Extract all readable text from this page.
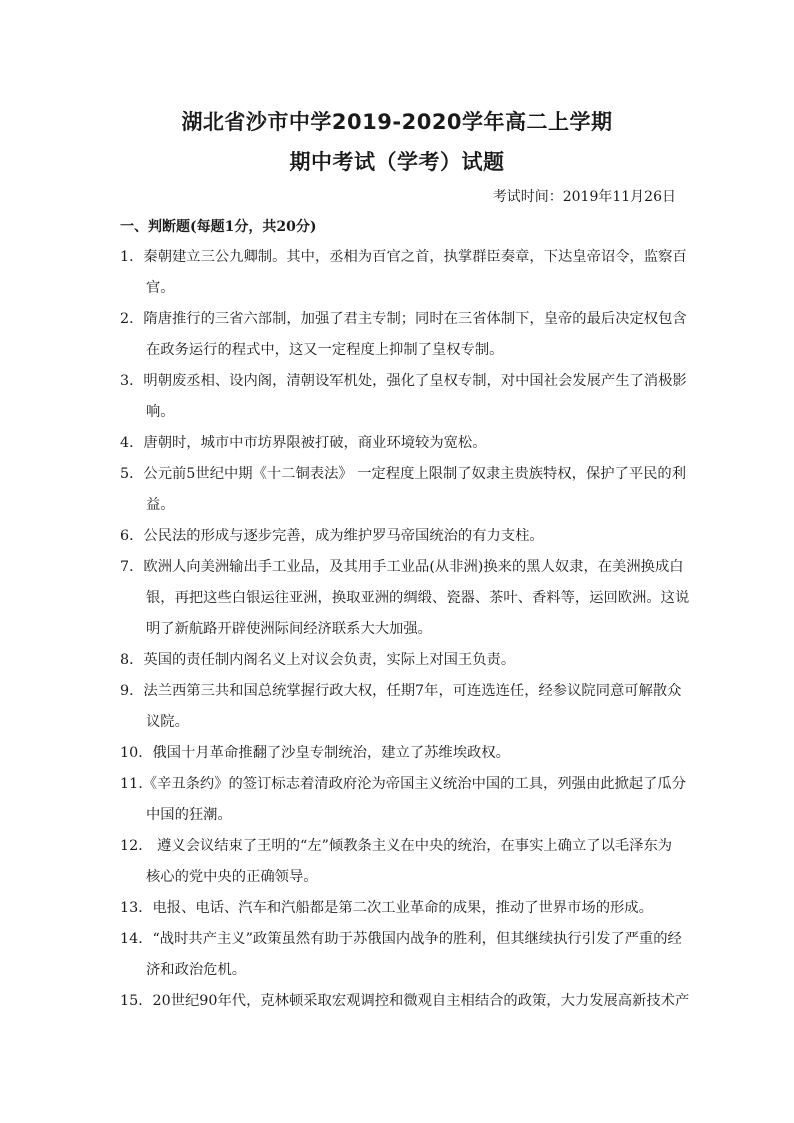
湖北省沙市中学2019-2020学年高二上学期
期中考试（学考）试题
考试时间：2019年11月26日
一、判断题(每题1分，共20分)
1．秦朝建立三公九卿制。其中，丞相为百官之首，执掌群臣奏章，下达皇帝诏令，监察百
官。
2．隋唐推行的三省六部制，加强了君主专制；同时在三省体制下，皇帝的最后决定权包含
在政务运行的程式中，这又一定程度上抑制了皇权专制。
3．明朝废丞相、设内阁，清朝设军机处，强化了皇权专制，对中国社会发展产生了消极影
响。
4．唐朝时，城市中市坊界限被打破，商业环境较为宽松。
5．公元前5世纪中期《十二铜表法》 一定程度上限制了奴隶主贵族特权，保护了平民的利
益。
6．公民法的形成与逐步完善，成为维护罗马帝国统治的有力支柱。
7．欧洲人向美洲输出手工业品，及其用手工业品(从非洲)换来的黑人奴隶，在美洲换成白
银，再把这些白银运往亚洲，换取亚洲的绸缎、瓷器、茶叶、香料等，运回欧洲。这说
明了新航路开辟使洲际间经济联系大大加强。
8．英国的责任制内阁名义上对议会负责，实际上对国王负责。
9．法兰西第三共和国总统掌握行政大权，任期7年，可连选连任，经参议院同意可解散众
议院。
10．俄国十月革命推翻了沙皇专制统治，建立了苏维埃政权。
11.《辛丑条约》的签订标志着清政府沦为帝国主义统治中国的工具，列强由此掀起了瓜分
中国的狂潮。
12． 遵义会议结束了王明的“左”倾教条主义在中央的统治，在事实上确立了以毛泽东为
核心的党中央的正确领导。
13．电报、电话、汽车和汽船都是第二次工业革命的成果，推动了世界市场的形成。
14．“战时共产主义”政策虽然有助于苏俄国内战争的胜利，但其继续执行引发了严重的经
济和政治危机。
15．20世纪90年代，克林顿采取宏观调控和微观自主相结合的政策，大力发展高新技术产
